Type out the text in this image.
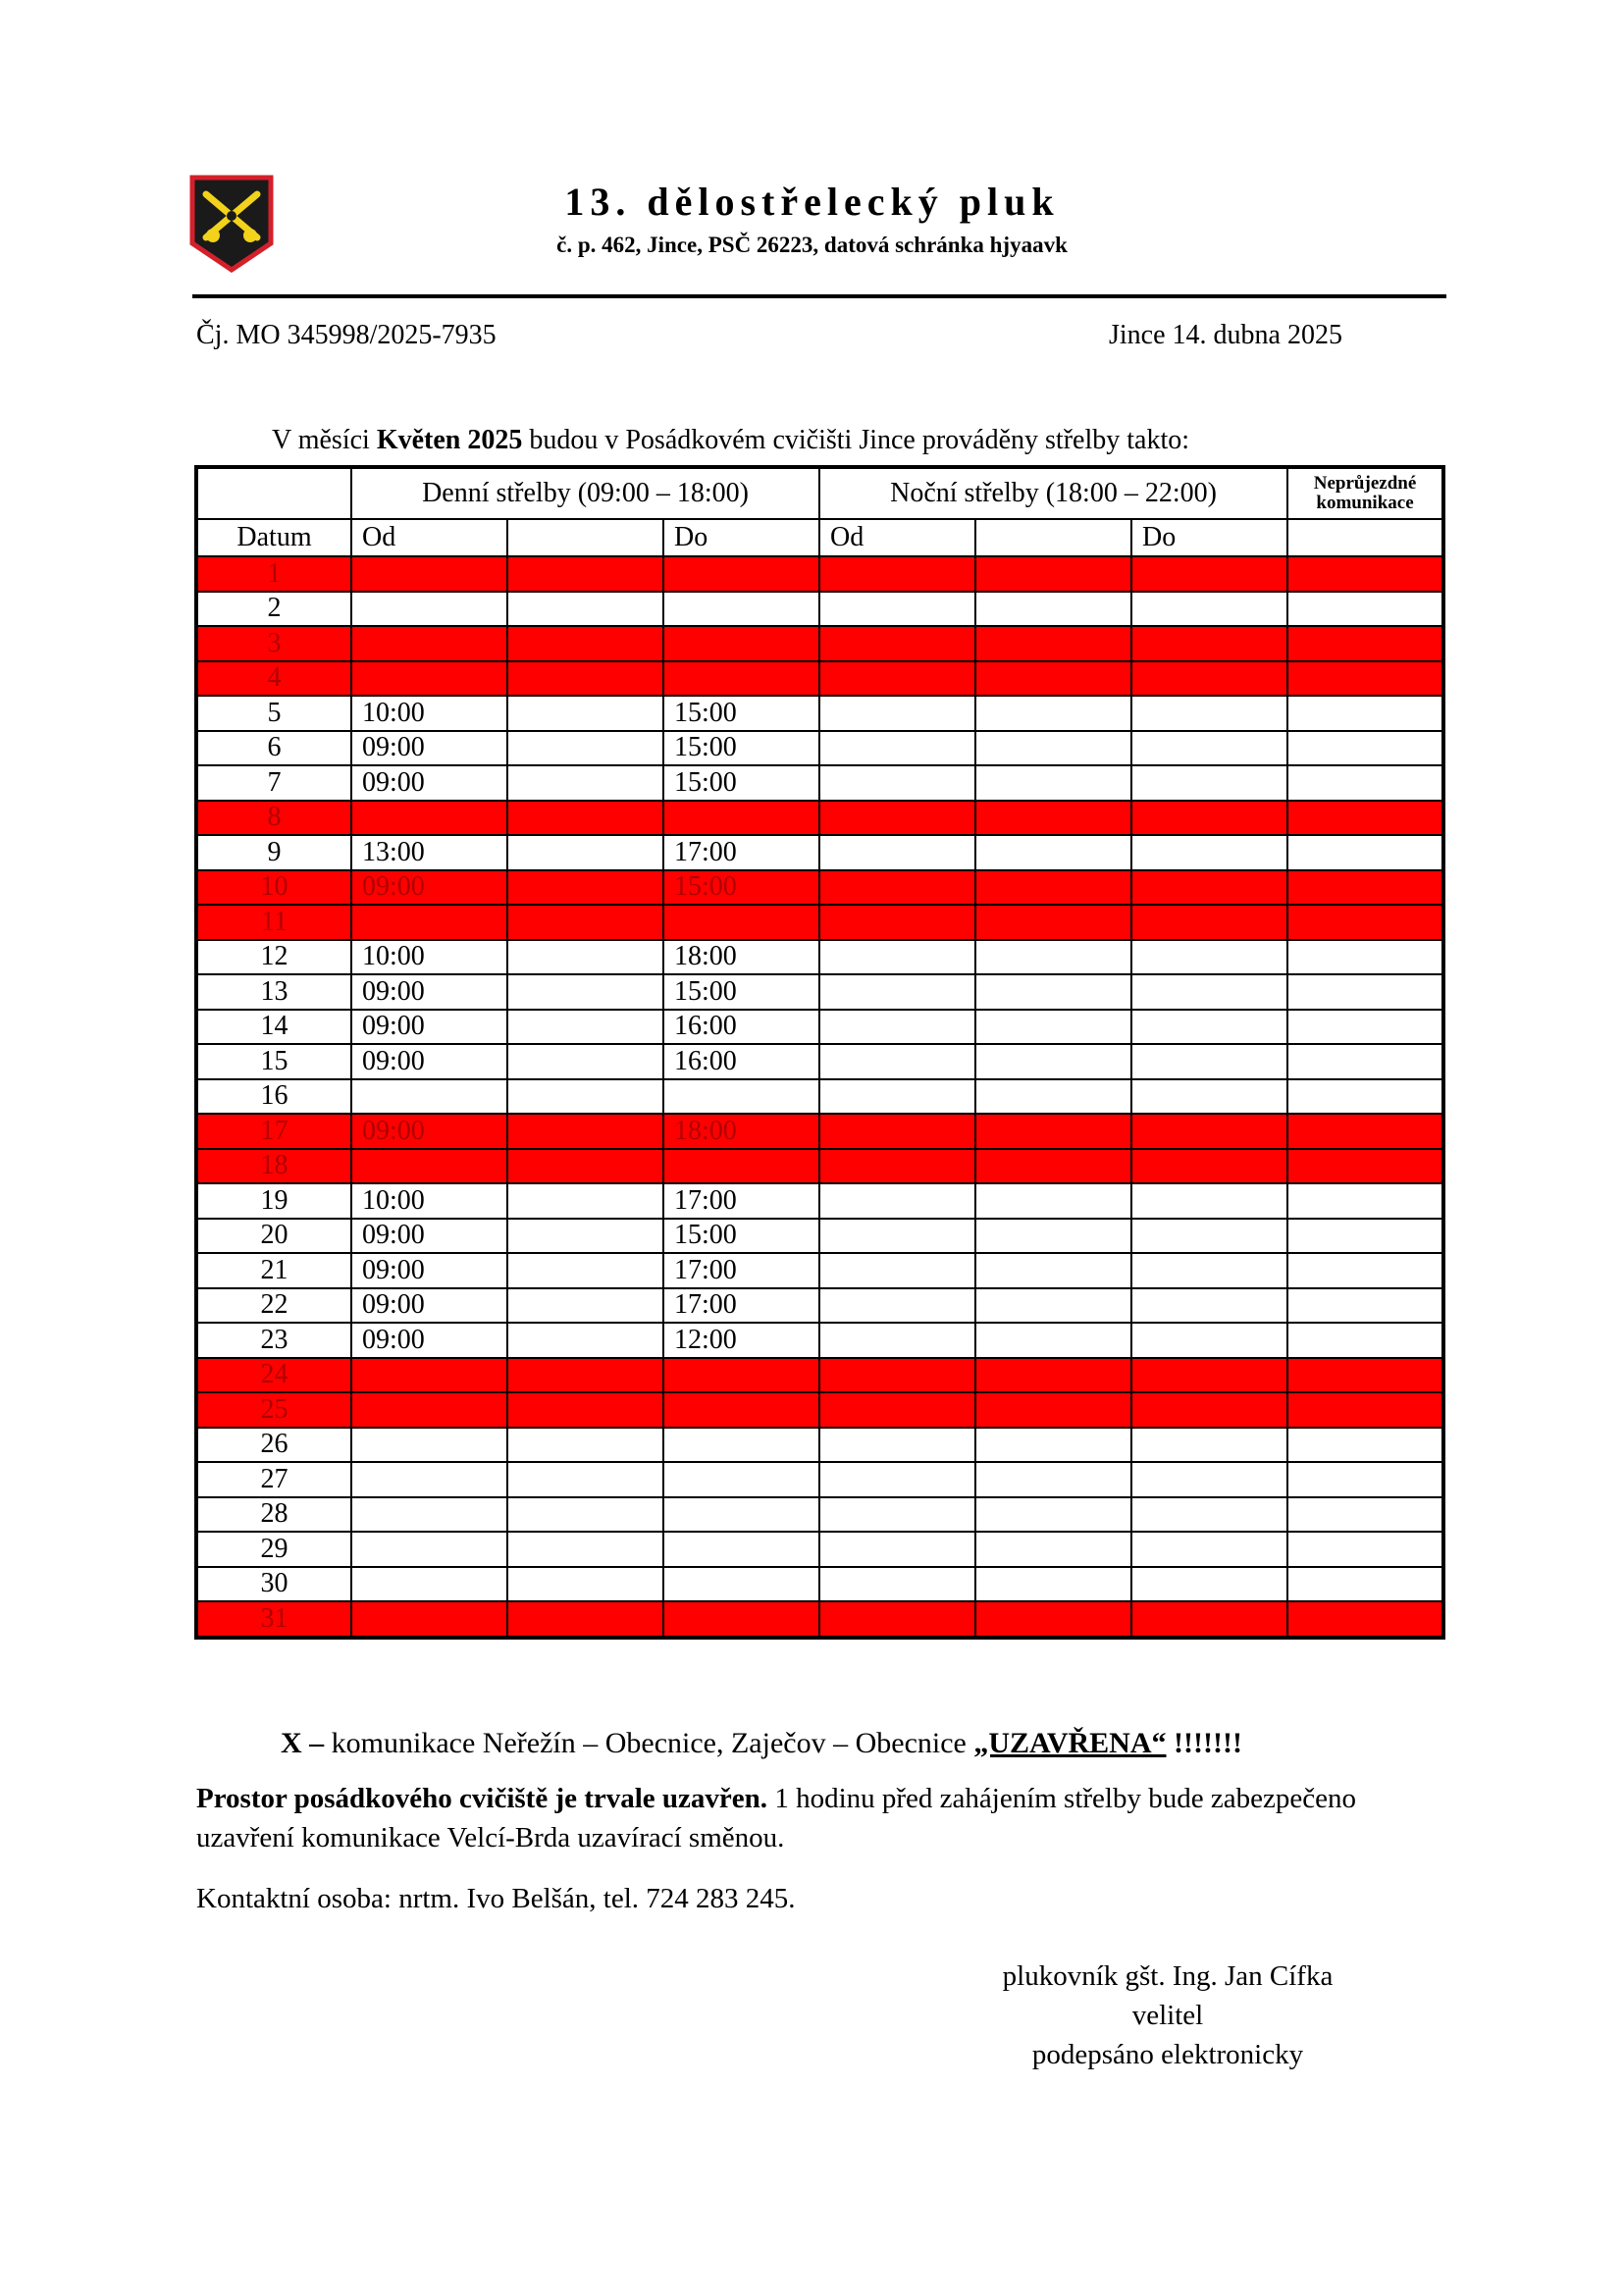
13. dělostřelecký pluk
č. p. 462, Jince, PSČ 26223, datová schránka hjyaavk
Čj. MO 345998/2025-7935	Jince 14. dubna 2025
V měsíci Květen 2025 budou v Posádkovém cvičišti Jince prováděny střelby takto:
	Denní střelby (09:00 – 18:00)			Noční střelby (18:00 – 22:00)			Neprůjezdné komunikace
Datum	Od		Do	Od		Do	
1							
2							
3							
4							
5	10:00		15:00				
6	09:00		15:00				
7	09:00		15:00				
8							
9	13:00		17:00				
10	09:00		15:00				
11							
12	10:00		18:00				
13	09:00		15:00				
14	09:00		16:00				
15	09:00		16:00				
16							
17	09:00		18:00				
18							
19	10:00		17:00				
20	09:00		15:00				
21	09:00		17:00				
22	09:00		17:00				
23	09:00		12:00				
24							
25							
26							
27							
28							
29							
30							
31							
X – komunikace Neřežín – Obecnice, Zaječov – Obecnice „UZAVŘENA“ !!!!!!!
Prostor posádkového cvičiště je trvale uzavřen. 1 hodinu před zahájením střelby bude zabezpečeno uzavření komunikace Velcí-Brda uzavírací směnou.
Kontaktní osoba: nrtm. Ivo Belšán, tel. 724 283 245.
plukovník gšt. Ing. Jan Cífka
velitel
podepsáno elektronicky
